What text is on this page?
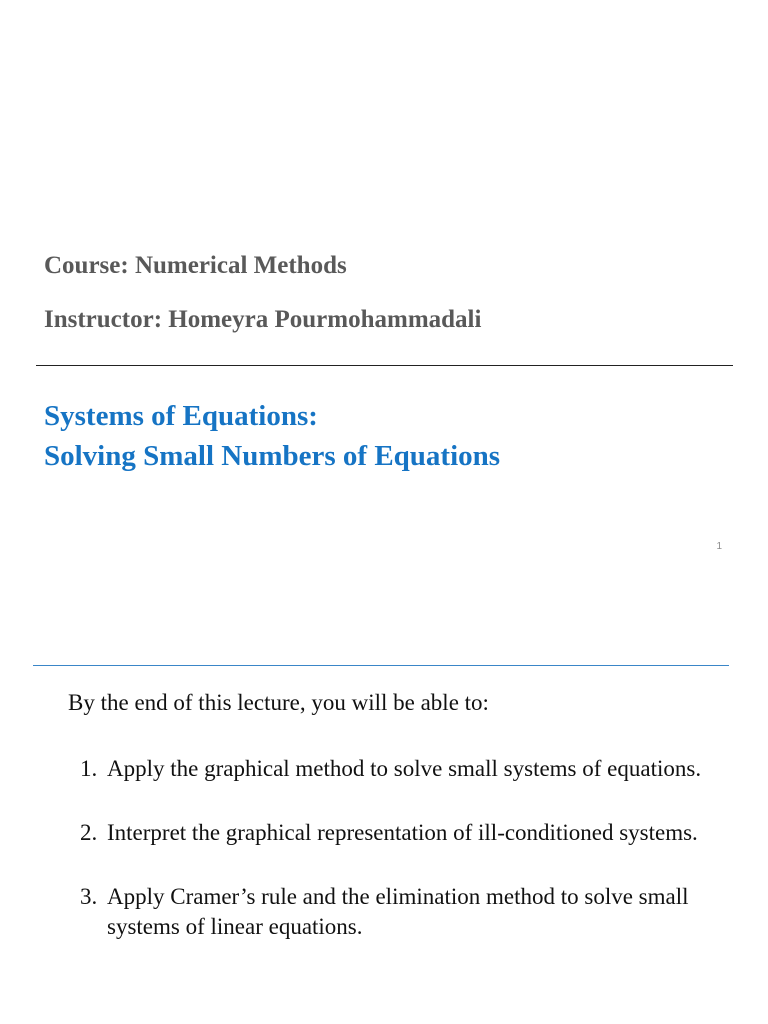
Course: Numerical Methods
Instructor: Homeyra Pourmohammadali
Systems of Equations:
Solving Small Numbers of Equations
1
By the end of this lecture, you will be able to:
1. Apply the graphical method to solve small systems of equations.
2. Interpret the graphical representation of ill-conditioned systems.
3. Apply Cramer’s rule and the elimination method to solve small systems of linear equations.
